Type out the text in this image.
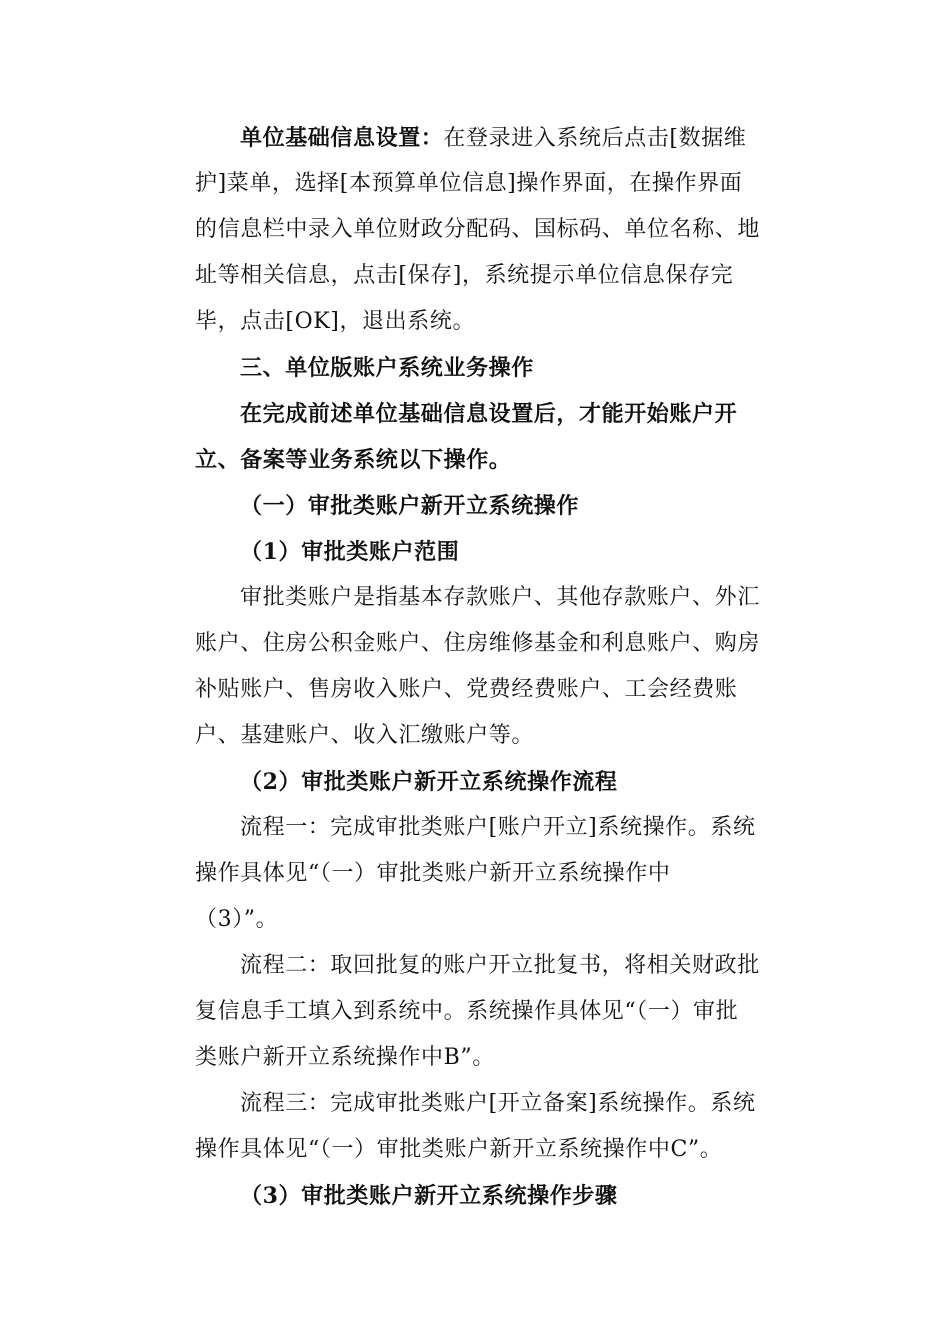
单位基础信息设置：在登录进入系统后点击[数据维
护]菜单，选择[本预算单位信息]操作界面，在操作界面
的信息栏中录入单位财政分配码、国标码、单位名称、地
址等相关信息，点击[保存]，系统提示单位信息保存完
毕，点击[OK]，退出系统。
三、单位版账户系统业务操作
在完成前述单位基础信息设置后，才能开始账户开
立、备案等业务系统以下操作。
（一）审批类账户新开立系统操作
（1）审批类账户范围
审批类账户是指基本存款账户、其他存款账户、外汇
账户、住房公积金账户、住房维修基金和利息账户、购房
补贴账户、售房收入账户、党费经费账户、工会经费账
户、基建账户、收入汇缴账户等。
（2）审批类账户新开立系统操作流程
流程一：完成审批类账户[账户开立]系统操作。系统
操作具体见“（一）审批类账户新开立系统操作中
（3）”。
流程二：取回批复的账户开立批复书，将相关财政批
复信息手工填入到系统中。系统操作具体见“（一）审批
类账户新开立系统操作中B”。
流程三：完成审批类账户[开立备案]系统操作。系统
操作具体见“（一）审批类账户新开立系统操作中C”。
（3）审批类账户新开立系统操作步骤
